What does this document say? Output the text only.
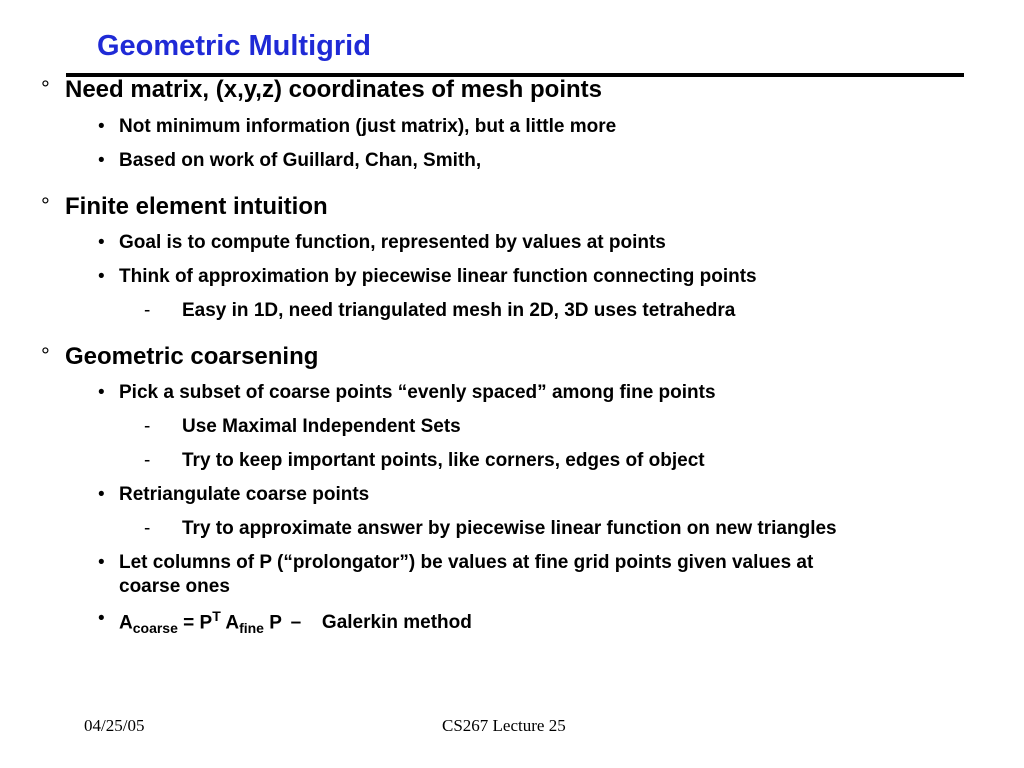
Geometric Multigrid
° Need matrix, (x,y,z) coordinates of mesh points
• Not minimum information (just matrix), but a little more
• Based on work of Guillard, Chan, Smith,
° Finite element intuition
• Goal is to compute function, represented by values at points
• Think of approximation by piecewise linear function connecting points
- Easy in 1D, need triangulated mesh in 2D, 3D uses tetrahedra
° Geometric coarsening
• Pick a subset of coarse points “evenly spaced” among fine points
- Use Maximal Independent Sets
- Try to keep important points, like corners, edges of object
• Retriangulate coarse points
- Try to approximate answer by piecewise linear function on new triangles
• Let columns of P (“prolongator”) be values at fine grid points given values at
coarse ones
• $A_{coarse} = P^T$ $A_{fine}$ P – Galerkin method
04/25/05	CS267 Lecture 25
